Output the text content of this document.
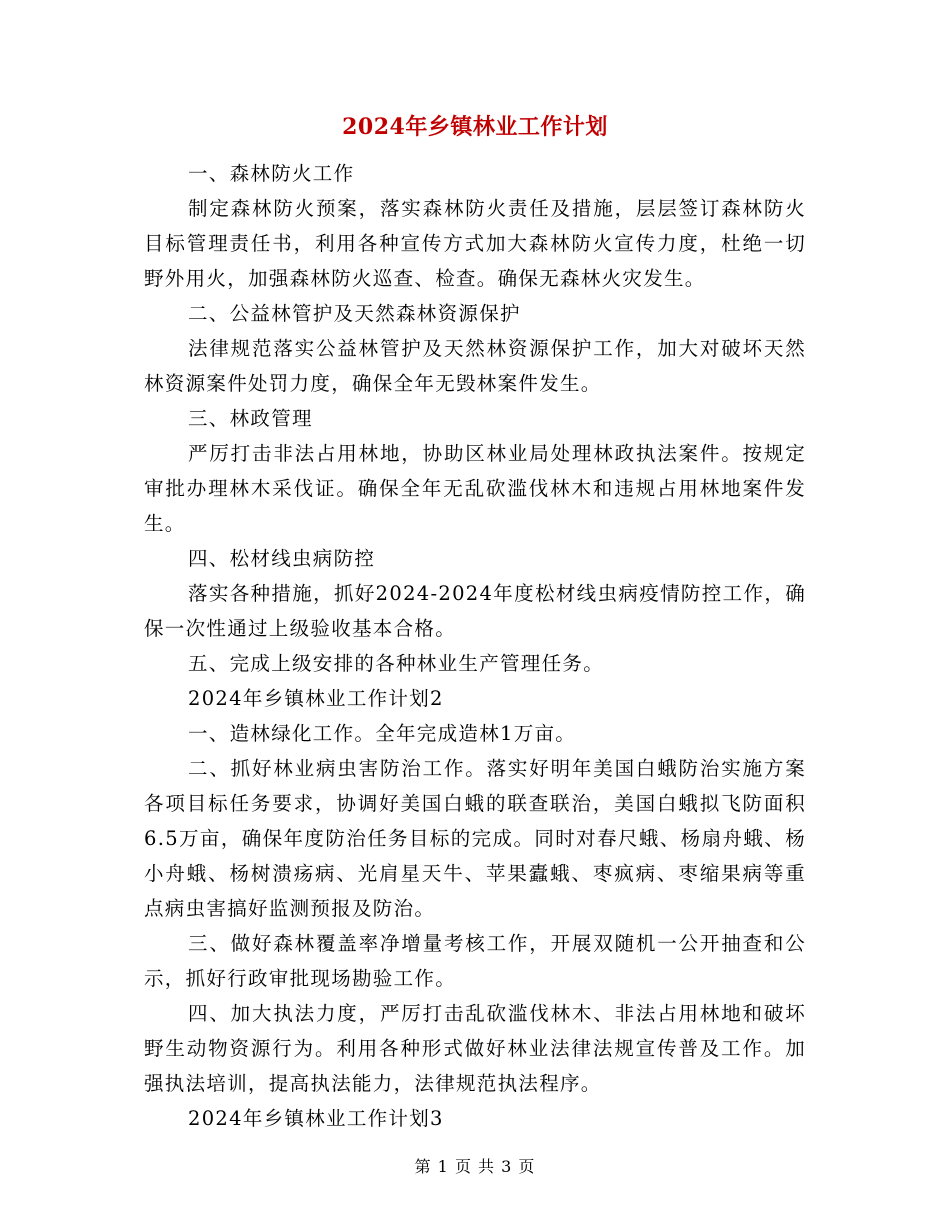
2024年乡镇林业工作计划

一、森林防火工作

制定森林防火预案，落实森林防火责任及措施，层层签订森林防火目标管理责任书，利用各种宣传方式加大森林防火宣传力度，杜绝一切野外用火，加强森林防火巡查、检查。确保无森林火灾发生。

二、公益林管护及天然森林资源保护

法律规范落实公益林管护及天然林资源保护工作，加大对破坏天然林资源案件处罚力度，确保全年无毁林案件发生。

三、林政管理

严厉打击非法占用林地，协助区林业局处理林政执法案件。按规定审批办理林木采伐证。确保全年无乱砍滥伐林木和违规占用林地案件发生。

四、松材线虫病防控

落实各种措施，抓好2024-2024年度松材线虫病疫情防控工作，确保一次性通过上级验收基本合格。

五、完成上级安排的各种林业生产管理任务。

2024年乡镇林业工作计划2

一、造林绿化工作。全年完成造林1万亩。

二、抓好林业病虫害防治工作。落实好明年美国白蛾防治实施方案各项目标任务要求，协调好美国白蛾的联查联治，美国白蛾拟飞防面积6.5万亩，确保年度防治任务目标的完成。同时对春尺蛾、杨扇舟蛾、杨小舟蛾、杨树溃疡病、光肩星天牛、苹果蠹蛾、枣疯病、枣缩果病等重点病虫害搞好监测预报及防治。

三、做好森林覆盖率净增量考核工作，开展双随机一公开抽查和公示，抓好行政审批现场勘验工作。

四、加大执法力度，严厉打击乱砍滥伐林木、非法占用林地和破坏野生动物资源行为。利用各种形式做好林业法律法规宣传普及工作。加强执法培训，提高执法能力，法律规范执法程序。

2024年乡镇林业工作计划3

第 1 页 共 3 页
